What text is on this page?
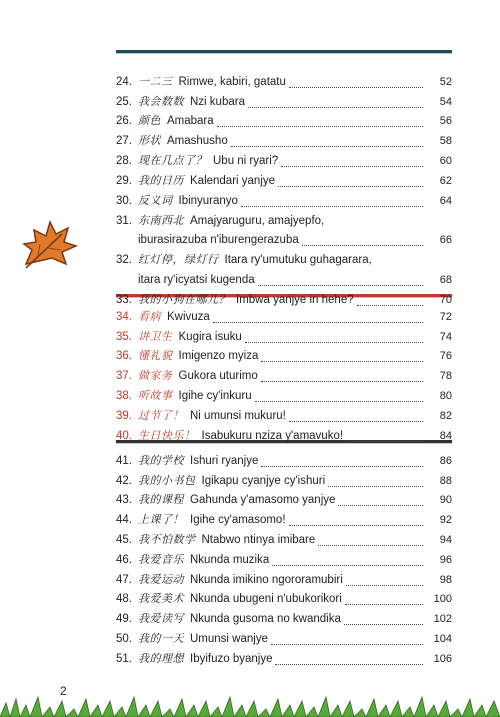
24. 一二三 Rimwe, kabiri, gatatu	52
25. 我会数数 Nzi kubara	54
26. 颜色 Amabara	56
27. 形状 Amashusho	58
28. 现在几点了？ Ubu ni ryari?	60
29. 我的日历 Kalendari yanjye	62
30. 反义词 Ibinyuranyo	64
31. 东南西北 Amajyaruguru, amajyepfo,
iburasirazuba n'iburengerazuba	66
32. 红灯停，绿灯行 Itara ry'umutuku guhagarara,
itara ry'icyatsi kugenda	68
33. 我的小狗在哪儿？ Imbwa yanjye iri hehe?	70
34. 看病 Kwivuza	72
35. 讲卫生 Kugira isuku	74
36. 懂礼貌 Imigenzo myiza	76
37. 做家务 Gukora uturimo	78
38. 听故事 Igihe cy'inkuru	80
39. 过节了！ Ni umunsi mukuru!	82
40. 生日快乐！ Isabukuru nziza y'amavuko!	84
41. 我的学校 Ishuri ryanjye	86
42. 我的小书包 Igikapu cyanjye cy'ishuri	88
43. 我的课程 Gahunda y'amasomo yanjye	90
44. 上课了！ Igihe cy'amasomo!	92
45. 我不怕数学 Ntabwo ntinya imibare	94
46. 我爱音乐 Nkunda muzika	96
47. 我爱运动 Nkunda imikino ngororamubiri	98
48. 我爱美术 Nkunda ubugeni n'ubukorikori	100
49. 我爱读写 Nkunda gusoma no kwandika	102
50. 我的一天 Umunsi wanjye	104
51. 我的理想 Ibyifuzo byanjye	106
2
